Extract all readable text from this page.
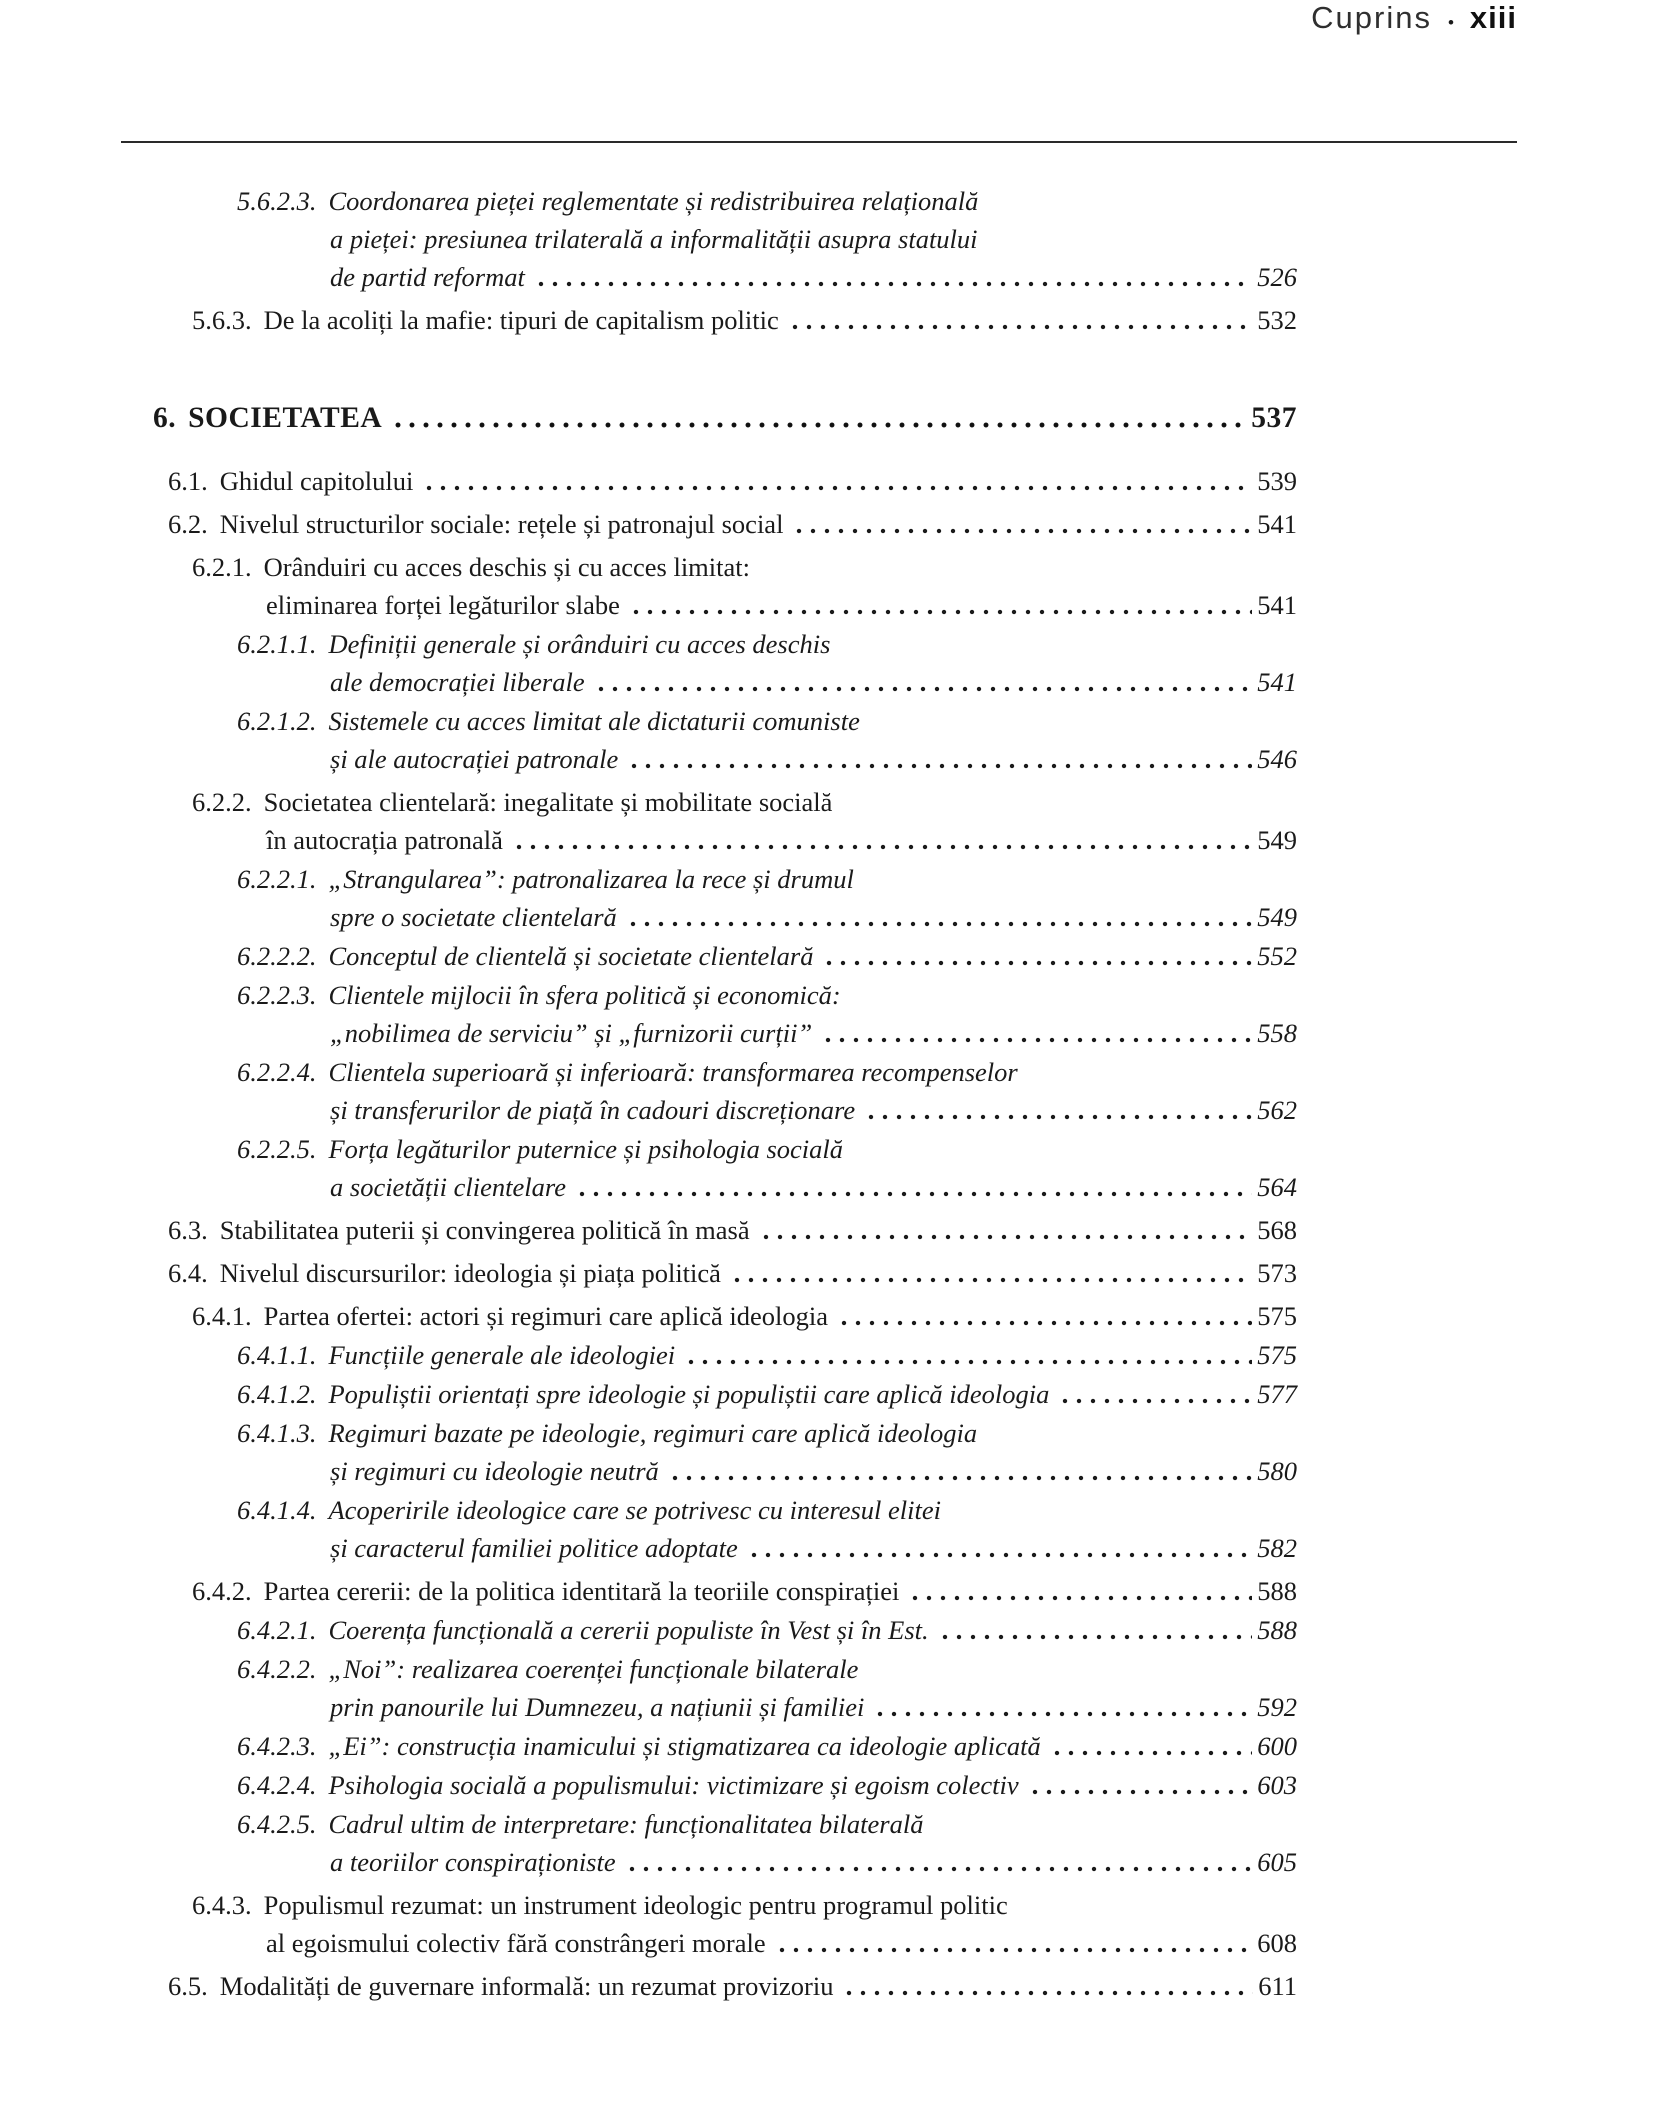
Cuprins • xiii
5.6.2.3. Coordonarea pieței reglementate și redistribuirea relațională
a pieței: presiunea trilaterală a informalității asupra statului
de partid reformat	526
5.6.3. De la acoliți la mafie: tipuri de capitalism politic	532
6. SOCIETATEA	537
6.1. Ghidul capitolului	539
6.2. Nivelul structurilor sociale: rețele și patronajul social	541
6.2.1. Orânduiri cu acces deschis și cu acces limitat:
eliminarea forței legăturilor slabe	541
6.2.1.1. Definiții generale și orânduiri cu acces deschis
ale democrației liberale	541
6.2.1.2. Sistemele cu acces limitat ale dictaturii comuniste
și ale autocrației patronale	546
6.2.2. Societatea clientelară: inegalitate și mobilitate socială
în autocrația patronală	549
6.2.2.1. „Strangularea”: patronalizarea la rece și drumul
spre o societate clientelară	549
6.2.2.2. Conceptul de clientelă și societate clientelară	552
6.2.2.3. Clientele mijlocii în sfera politică și economică:
„nobilimea de serviciu” și „furnizorii curții”	558
6.2.2.4. Clientela superioară și inferioară: transformarea recompenselor
și transferurilor de piață în cadouri discreționare	562
6.2.2.5. Forța legăturilor puternice și psihologia socială
a societății clientelare	564
6.3. Stabilitatea puterii și convingerea politică în masă	568
6.4. Nivelul discursurilor: ideologia și piața politică	573
6.4.1. Partea ofertei: actori și regimuri care aplică ideologia	575
6.4.1.1. Funcțiile generale ale ideologiei	575
6.4.1.2. Populiștii orientați spre ideologie și populiștii care aplică ideologia	577
6.4.1.3. Regimuri bazate pe ideologie, regimuri care aplică ideologia
și regimuri cu ideologie neutră	580
6.4.1.4. Acoperirile ideologice care se potrivesc cu interesul elitei
și caracterul familiei politice adoptate	582
6.4.2. Partea cererii: de la politica identitară la teoriile conspirației	588
6.4.2.1. Coerența funcțională a cererii populiste în Vest și în Est.	588
6.4.2.2. „Noi”: realizarea coerenței funcționale bilaterale
prin panourile lui Dumnezeu, a națiunii și familiei	592
6.4.2.3. „Ei”: construcția inamicului și stigmatizarea ca ideologie aplicată	600
6.4.2.4. Psihologia socială a populismului: victimizare și egoism colectiv	603
6.4.2.5. Cadrul ultim de interpretare: funcționalitatea bilaterală
a teoriilor conspiraționiste	605
6.4.3. Populismul rezumat: un instrument ideologic pentru programul politic
al egoismului colectiv fără constrângeri morale	608
6.5. Modalități de guvernare informală: un rezumat provizoriu	611
